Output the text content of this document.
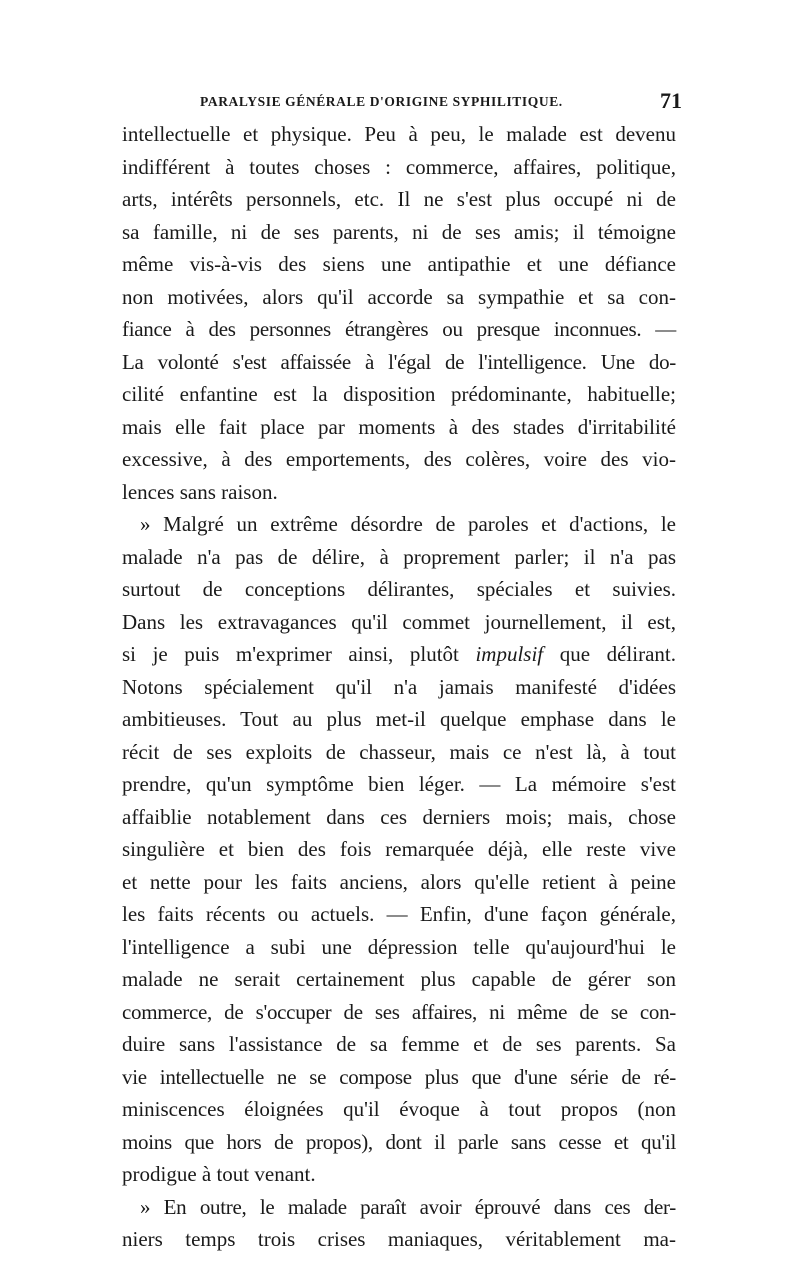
PARALYSIE GÉNÉRALE D'ORIGINE SYPHILITIQUE.	71
intellectuelle et physique. Peu à peu, le malade est devenu
indifférent à toutes choses : commerce, affaires, politique,
arts, intérêts personnels, etc. Il ne s'est plus occupé ni de
sa famille, ni de ses parents, ni de ses amis; il témoigne
même vis-à-vis des siens une antipathie et une défiance
non motivées, alors qu'il accorde sa sympathie et sa con-
fiance à des personnes étrangères ou presque inconnues. —
La volonté s'est affaissée à l'égal de l'intelligence. Une do-
cilité enfantine est la disposition prédominante, habituelle;
mais elle fait place par moments à des stades d'irritabilité
excessive, à des emportements, des colères, voire des vio-
lences sans raison.
» Malgré un extrême désordre de paroles et d'actions, le
malade n'a pas de délire, à proprement parler; il n'a pas
surtout de conceptions délirantes, spéciales et suivies.
Dans les extravagances qu'il commet journellement, il est,
si je puis m'exprimer ainsi, plutôt impulsif que délirant.
Notons spécialement qu'il n'a jamais manifesté d'idées
ambitieuses. Tout au plus met-il quelque emphase dans le
récit de ses exploits de chasseur, mais ce n'est là, à tout
prendre, qu'un symptôme bien léger. — La mémoire s'est
affaiblie notablement dans ces derniers mois; mais, chose
singulière et bien des fois remarquée déjà, elle reste vive
et nette pour les faits anciens, alors qu'elle retient à peine
les faits récents ou actuels. — Enfin, d'une façon générale,
l'intelligence a subi une dépression telle qu'aujourd'hui le
malade ne serait certainement plus capable de gérer son
commerce, de s'occuper de ses affaires, ni même de se con-
duire sans l'assistance de sa femme et de ses parents. Sa
vie intellectuelle ne se compose plus que d'une série de ré-
miniscences éloignées qu'il évoque à tout propos (non
moins que hors de propos), dont il parle sans cesse et qu'il
prodigue à tout venant.
» En outre, le malade paraît avoir éprouvé dans ces der-
niers temps trois crises maniaques, véritablement ma-
